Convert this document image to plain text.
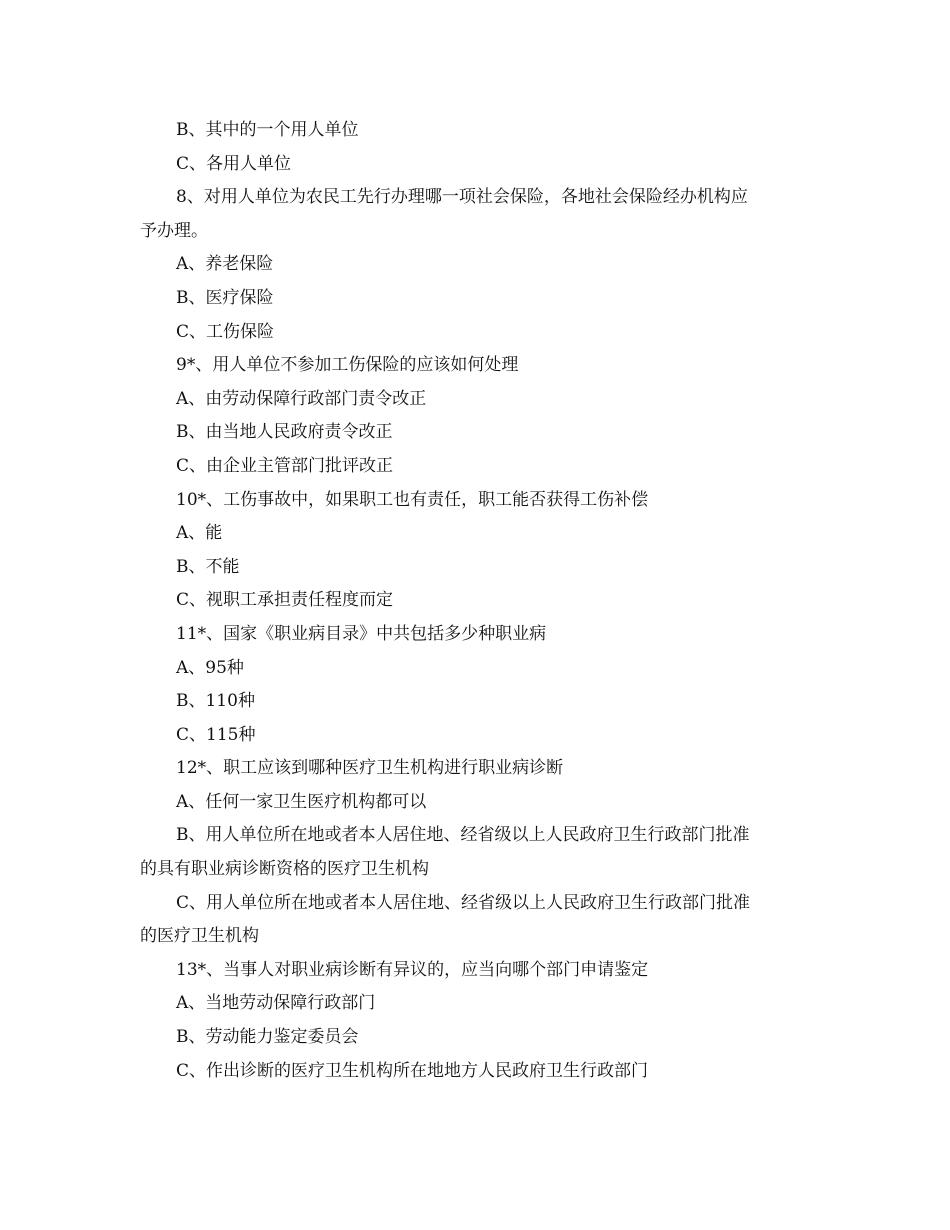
B、其中的一个用人单位
C、各用人单位
8、对用人单位为农民工先行办理哪一项社会保险，各地社会保险经办机构应
予办理。
A、养老保险
B、医疗保险
C、工伤保险
9*、用人单位不参加工伤保险的应该如何处理
A、由劳动保障行政部门责令改正
B、由当地人民政府责令改正
C、由企业主管部门批评改正
10*、工伤事故中，如果职工也有责任，职工能否获得工伤补偿
A、能
B、不能
C、视职工承担责任程度而定
11*、国家《职业病目录》中共包括多少种职业病
A、95种
B、110种
C、115种
12*、职工应该到哪种医疗卫生机构进行职业病诊断
A、任何一家卫生医疗机构都可以
B、用人单位所在地或者本人居住地、经省级以上人民政府卫生行政部门批准
的具有职业病诊断资格的医疗卫生机构
C、用人单位所在地或者本人居住地、经省级以上人民政府卫生行政部门批准
的医疗卫生机构
13*、当事人对职业病诊断有异议的，应当向哪个部门申请鉴定
A、当地劳动保障行政部门
B、劳动能力鉴定委员会
C、作出诊断的医疗卫生机构所在地地方人民政府卫生行政部门
